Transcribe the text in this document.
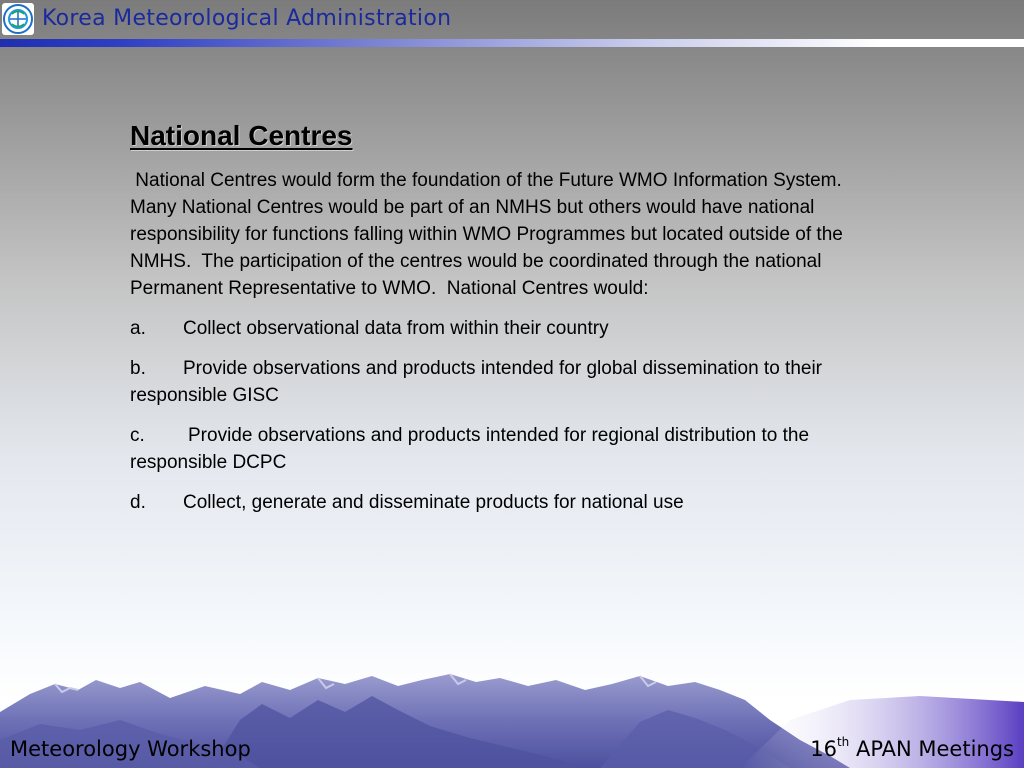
Korea Meteorological Administration
National Centres
National Centres would form the foundation of the Future WMO Information System. Many National Centres would be part of an NMHS but others would have national responsibility for functions falling within WMO Programmes but located outside of the NMHS.  The participation of the centres would be coordinated through the national Permanent Representative to WMO.  National Centres would:
a. Collect observational data from within their country
b. Provide observations and products intended for global dissemination to their responsible GISC
c. Provide observations and products intended for regional distribution to the responsible DCPC
d. Collect, generate and disseminate products for national use
Meteorology Workshop	16th APAN Meetings
